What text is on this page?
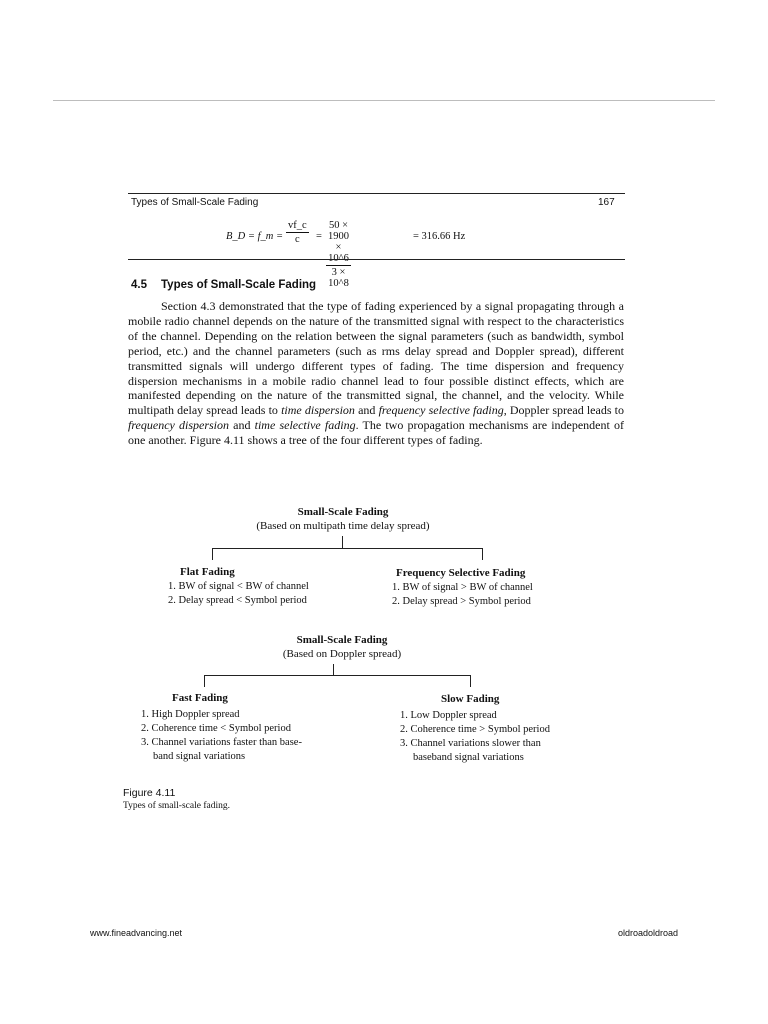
Types of Small-Scale Fading	167
B_D = f_m = $\frac{vf\_c}{c} = \frac{50 \times 1900 \times}{3 \times 10\^{}8}$	= 316.66 Hz
4.5 Types of Small-Scale Fading

Section 4.3 demonstrated that the type of fading experienced by a signal propagating through a mobile radio channel depends on the nature of the transmitted signal with respect to the characteristics of the channel. Depending on the relation between the signal parameters (such as bandwidth, symbol period, etc.) and the channel parameters (such as rms delay spread and Doppler spread), different transmitted signals will undergo different types of fading. The time dispersion and frequency dispersion mechanisms in a mobile radio channel lead to four possible distinct effects, which are manifested depending on the nature of the transmitted signal, the channel, and the velocity. While multipath delay spread leads to time dispersion and frequency selective fading, Doppler spread leads to frequency dispersion and time selective fading. The two propagation mechanisms are independent of one another. Figure 4.11 shows a tree of the four different types of fading.

Small-Scale Fading
(Based on multipath time delay spread)
Flat Fading
1. BW of signal < BW of channel
2. Delay spread < Symbol period
Frequency Selective Fading
1. BW of signal > BW of channel
2. Delay spread > Symbol period
Small-Scale Fading
(Based on Doppler spread)
Fast Fading
1. High Doppler spread
2. Coherence time < Symbol period
3. Channel variations faster than base-
band signal variations
Slow Fading
1. Low Doppler spread
2. Coherence time > Symbol period
3. Channel variations slower than
baseband signal variations
Figure 4.11
Types of small-scale fading.
www.fineadvancing.net	oldroadoldroad
